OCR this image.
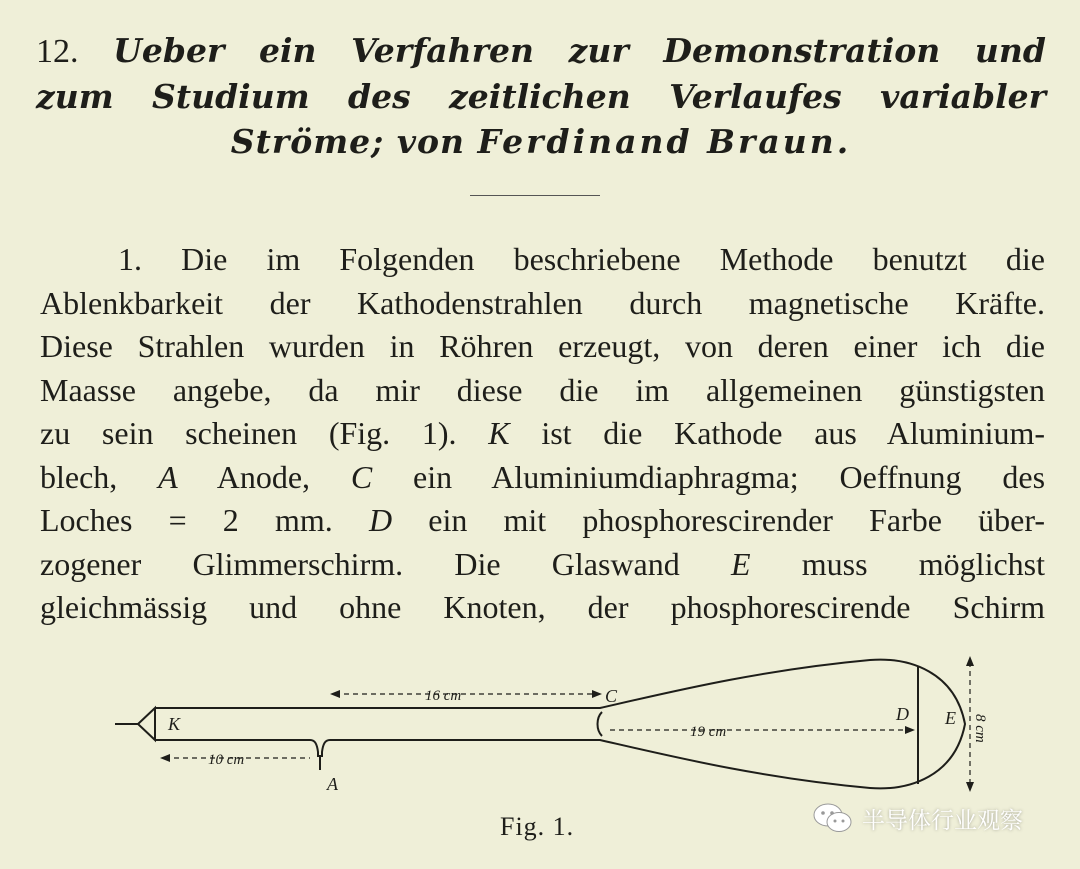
12. Ueber ein Verfahren zur Demonstration und
zum Studium des zeitlichen Verlaufes variabler
Ströme; von Ferdinand Braun.
1. Die im Folgenden beschriebene Methode benutzt die
Ablenkbarkeit der Kathodenstrahlen durch magnetische Kräfte.
Diese Strahlen wurden in Röhren erzeugt, von deren einer ich die
Maasse angebe, da mir diese die im allgemeinen günstigsten
zu sein scheinen (Fig. 1). K ist die Kathode aus Aluminium-
blech, A Anode, C ein Aluminiumdiaphragma; Oeffnung des
Loches = 2 mm. D ein mit phosphorescirender Farbe über-
zogener Glimmerschirm. Die Glaswand E muss möglichst
gleichmässig und ohne Knoten, der phosphorescirende Schirm
K
A
C
D E
16 cm
10 cm
19 cm	8 cm
Fig. 1.	半导体行业观察
